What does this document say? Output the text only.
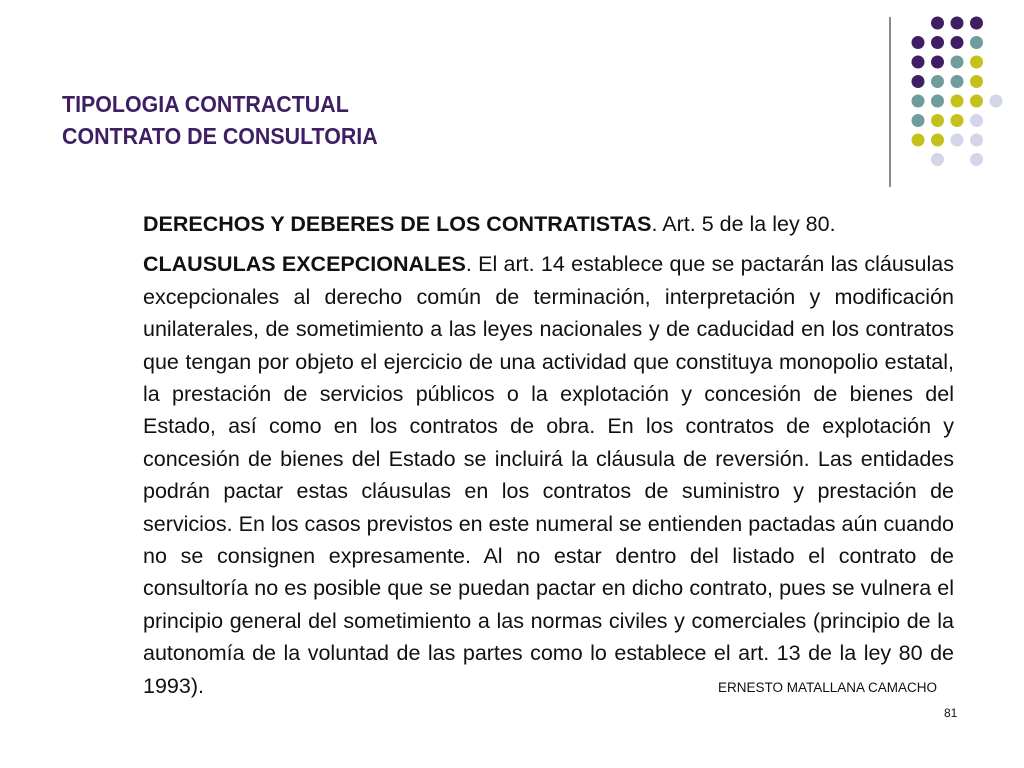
TIPOLOGIA CONTRACTUAL
CONTRATO DE CONSULTORIA

DERECHOS Y DEBERES DE LOS CONTRATISTAS. Art. 5 de la ley 80.

CLAUSULAS EXCEPCIONALES. El art. 14 establece que se pactarán las cláusulas excepcionales al derecho común de terminación, interpretación y modificación unilaterales, de sometimiento a las leyes nacionales y de caducidad en los contratos que tengan por objeto el ejercicio de una actividad que constituya monopolio estatal, la prestación de servicios públicos o la explotación y concesión de bienes del Estado, así como en los contratos de obra. En los contratos de explotación y concesión de bienes del Estado se incluirá la cláusula de reversión. Las entidades podrán pactar estas cláusulas en los contratos de suministro y prestación de servicios. En los casos previstos en este numeral se entienden pactadas aún cuando no se consignen expresamente. Al no estar dentro del listado el contrato de consultoría no es posible que se puedan pactar en dicho contrato, pues se vulnera el principio general del sometimiento a las normas civiles y comerciales (principio de la autonomía de la voluntad de las partes como lo establece el art. 13 de la ley 80 de 1993).	ERNESTO MATALLANA CAMACHO
81
